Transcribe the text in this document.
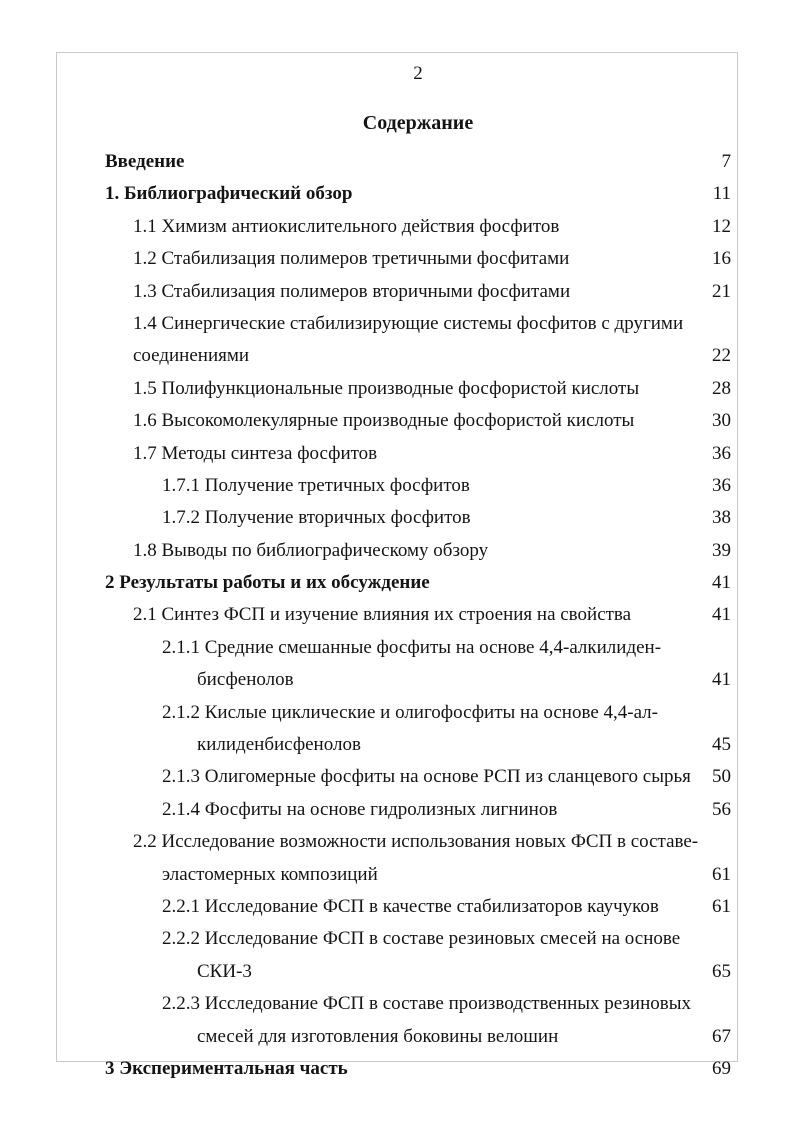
2
Содержание
Введение	7
1. Библиографический обзор	11
1.1 Химизм антиокислительного действия фосфитов	12
1.2 Стабилизация полимеров третичными фосфитами	16
1.3 Стабилизация полимеров вторичными фосфитами	21
1.4 Синергические стабилизирующие системы фосфитов с другими
соединениями	22
1.5 Полифункциональные производные фосфористой кислоты	28
1.6 Высокомолекулярные производные фосфористой кислоты	30
1.7 Методы синтеза фосфитов	36
1.7.1 Получение третичных фосфитов	36
1.7.2 Получение вторичных фосфитов	38
1.8 Выводы по библиографическому обзору	39
2 Результаты работы и их обсуждение	41
2.1 Синтез ФСП и изучение влияния их строения на свойства	41
2.1.1 Средние смешанные фосфиты на основе 4,4-алкилиден-
бисфенолов	41
2.1.2 Кислые циклические и олигофосфиты на основе 4,4-ал-
килиденбисфенолов	45
2.1.3 Олигомерные фосфиты на основе РСП из сланцевого сырья	50
2.1.4 Фосфиты на основе гидролизных лигнинов	56
2.2 Исследование возможности использования новых ФСП в составе-
эластомерных композиций	61
2.2.1 Исследование ФСП в качестве стабилизаторов каучуков	61
2.2.2 Исследование ФСП в составе резиновых смесей на основе
СКИ-3	65
2.2.3 Исследование ФСП в составе производственных резиновых
смесей для изготовления боковины велошин	67
3 Экспериментальная часть	69
